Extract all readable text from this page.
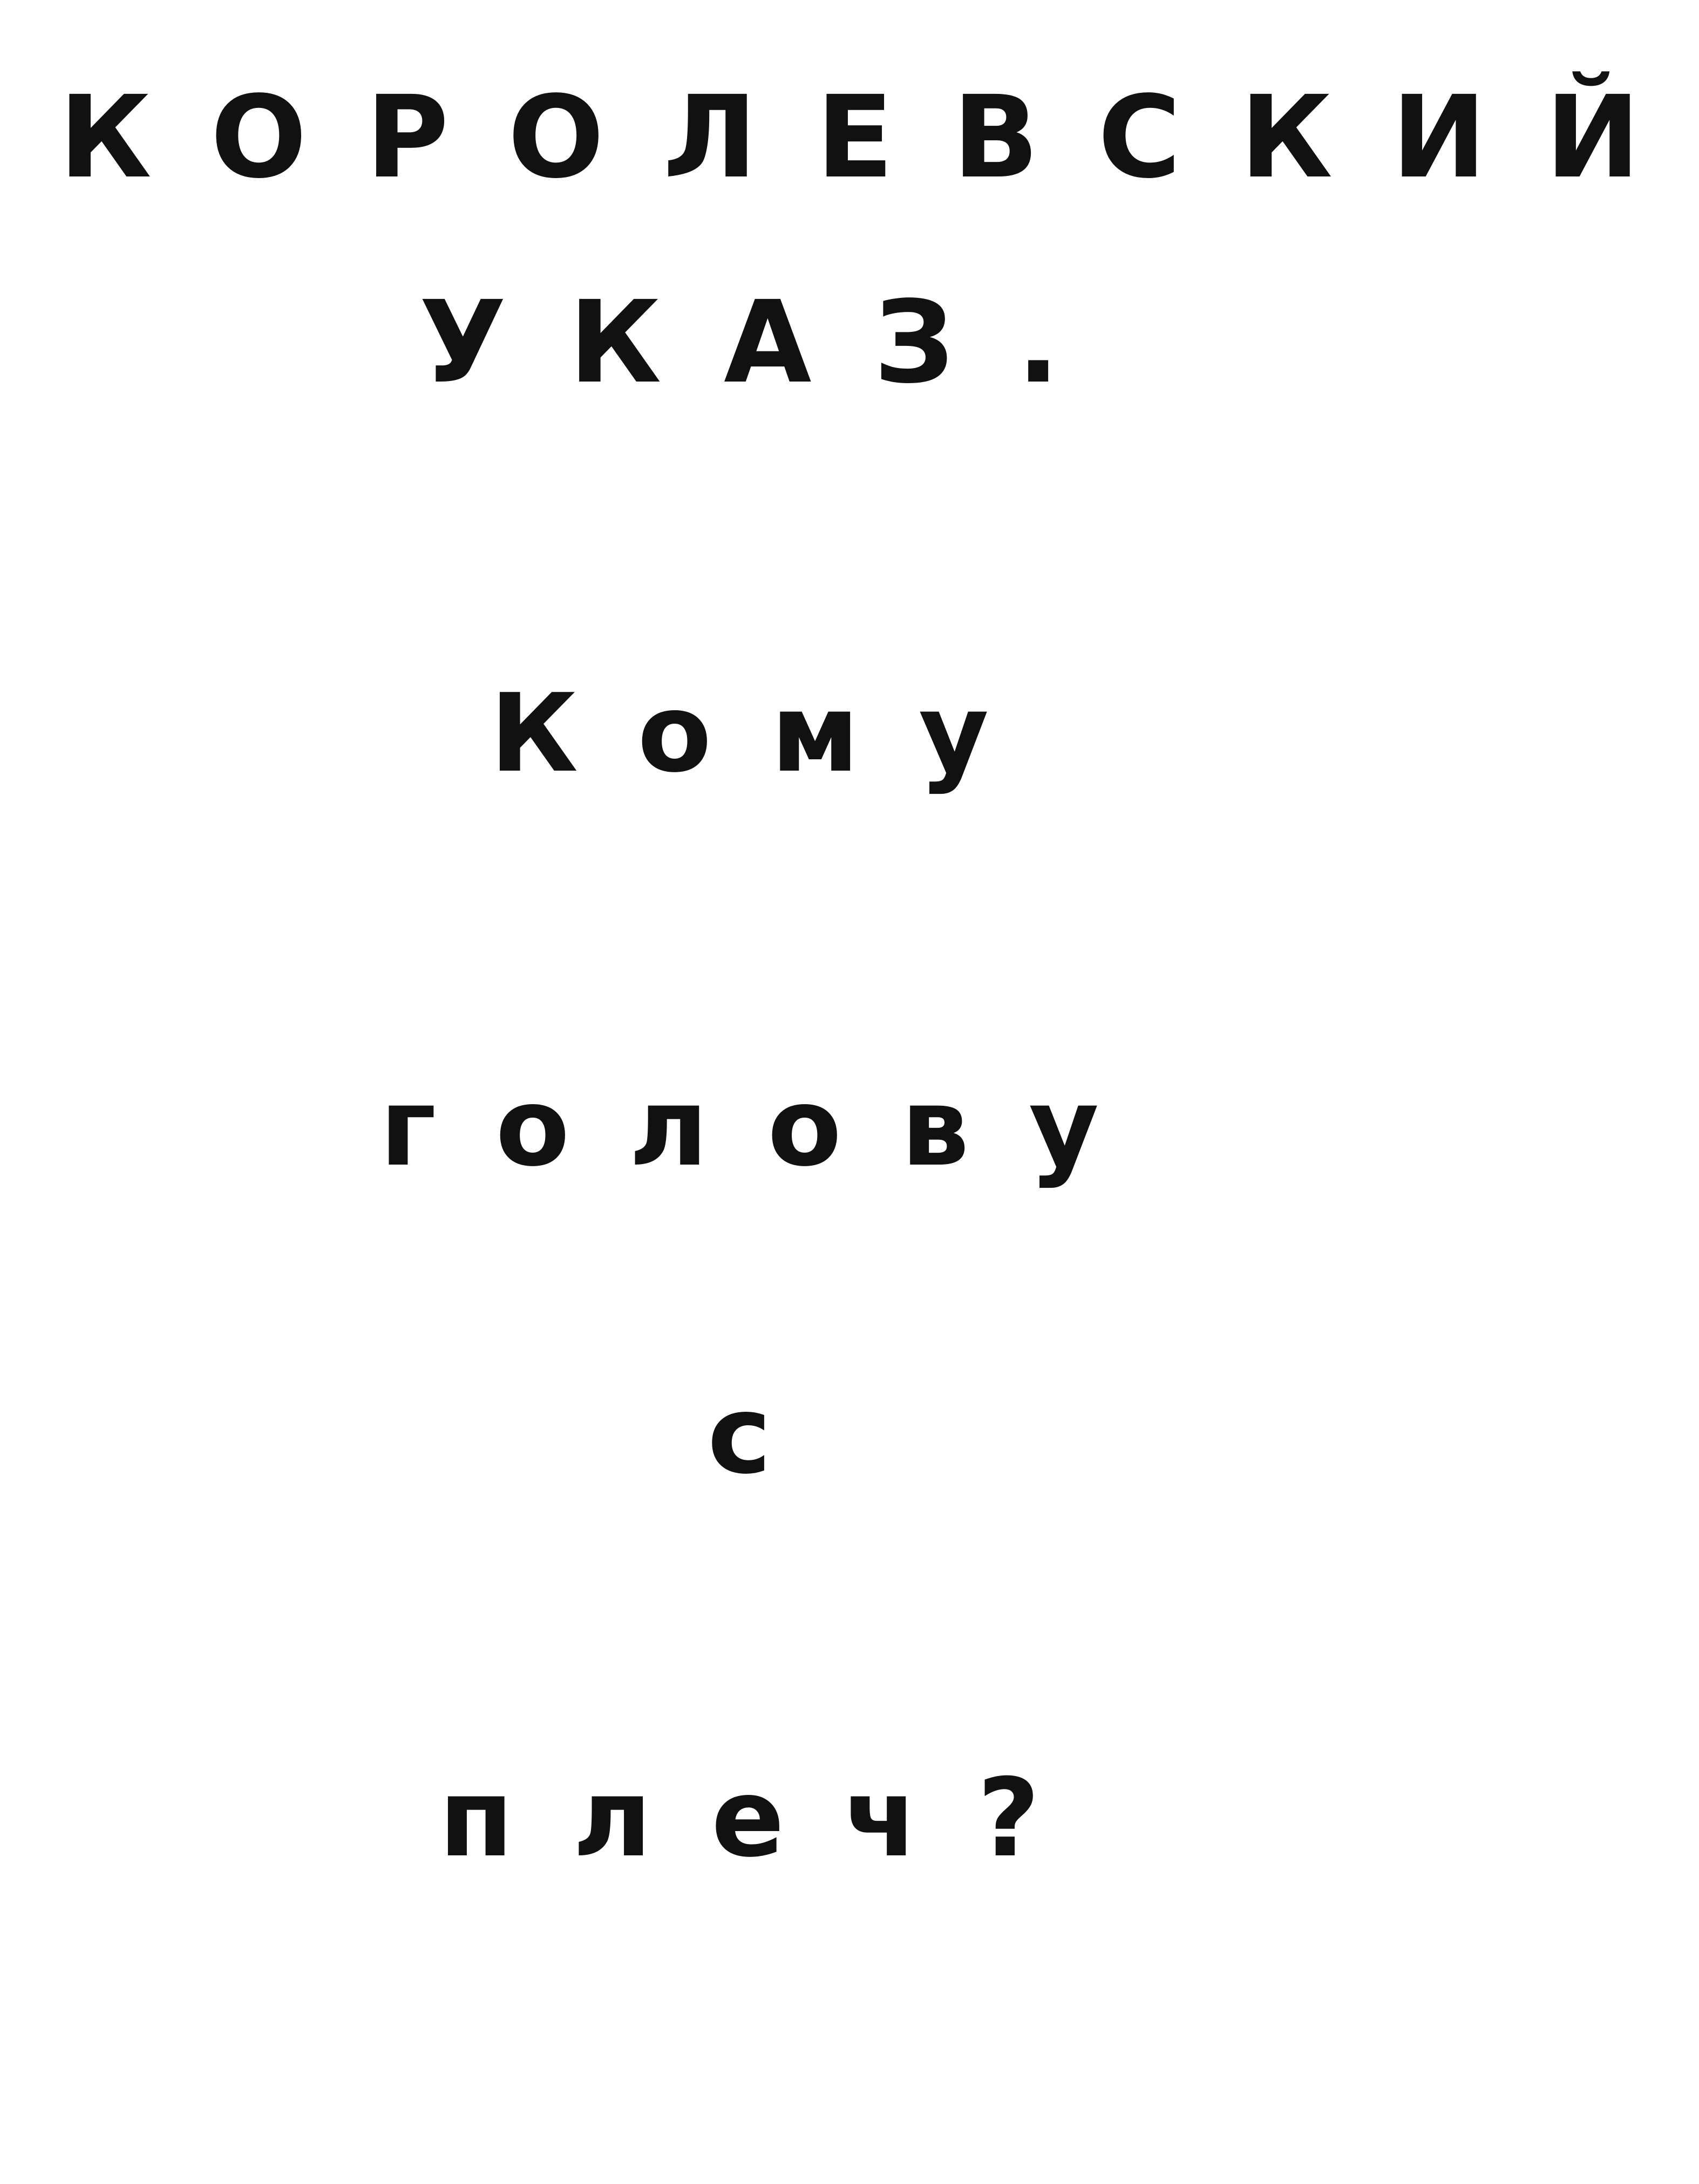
КОРОЛЕВСКИЙ
УКАЗ.
Кому
голову
с
плеч?
